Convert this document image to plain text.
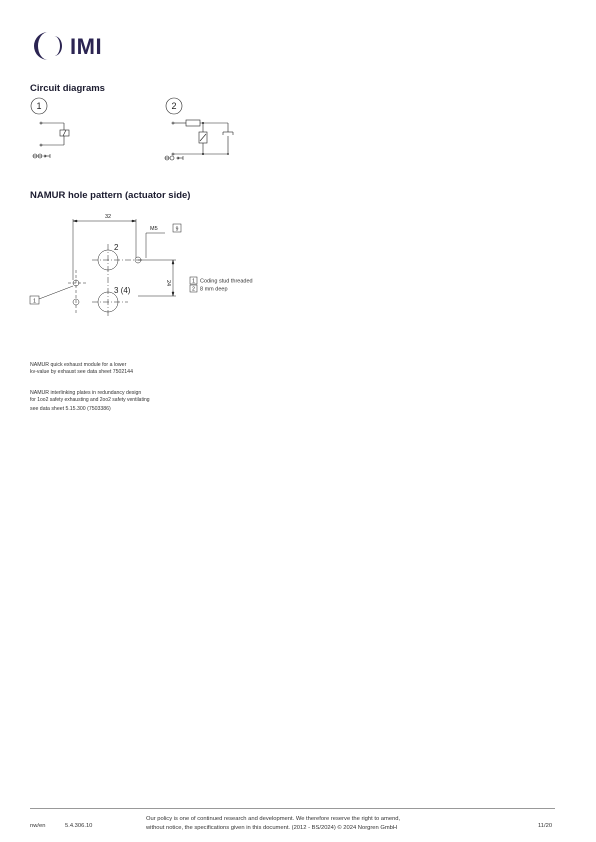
IMI
Circuit diagrams
1	2
NAMUR hole pattern (actuator side)
32
M5	9
24
2
3 (4)
1
1
2
Coding stud threaded
8 mm deep
NAMUR quick exhaust module for a lower
kv-value by exhaust see data sheet 7502144
NAMUR interlinking plates in redundancy design
for 1oo2 safety exhausting and 2oo2 safety ventilating
see data sheet 5.15.300 (7503386)
nw/en	5.4.306.10
Our policy is one of continued research and development. We therefore reserve the right to amend,
without notice, the specifications given in this document. (2012 - BS/2024) © 2024 Norgren GmbH	11/20
